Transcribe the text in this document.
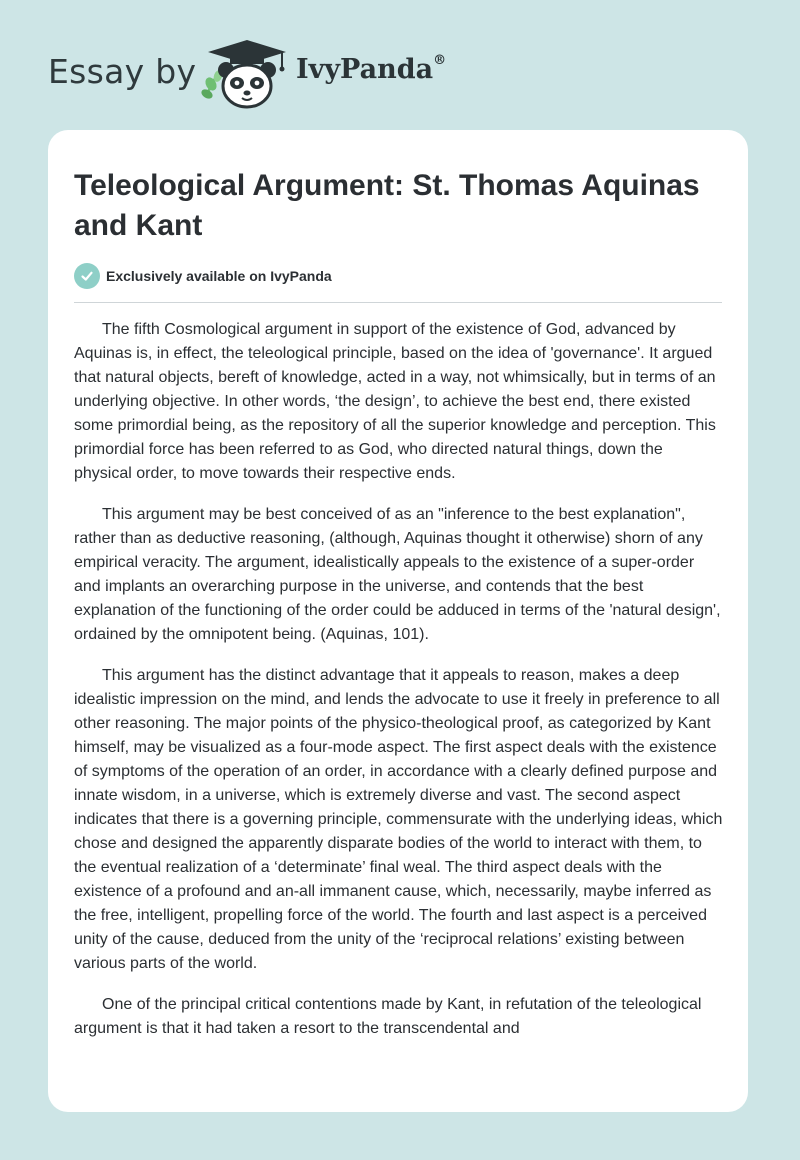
Essay by	IvyPanda®
Teleological Argument: St. Thomas Aquinas and Kant
Exclusively available on IvyPanda

The fifth Cosmological argument in support of the existence of God, advanced by Aquinas is, in effect, the teleological principle, based on the idea of 'governance'. It argued that natural objects, bereft of knowledge, acted in a way, not whimsically, but in terms of an underlying objective. In other words, ‘the design’, to achieve the best end, there existed some primordial being, as the repository of all the superior knowledge and perception. This primordial force has been referred to as God, who directed natural things, down the physical order, to move towards their respective ends.

This argument may be best conceived of as an "inference to the best explanation", rather than as deductive reasoning, (although, Aquinas thought it otherwise) shorn of any empirical veracity. The argument, idealistically appeals to the existence of a super-order and implants an overarching purpose in the universe, and contends that the best explanation of the functioning of the order could be adduced in terms of the 'natural design', ordained by the omnipotent being. (Aquinas, 101).

This argument has the distinct advantage that it appeals to reason, makes a deep idealistic impression on the mind, and lends the advocate to use it freely in preference to all other reasoning. The major points of the physico-theological proof, as categorized by Kant himself, may be visualized as a four-mode aspect. The first aspect deals with the existence of symptoms of the operation of an order, in accordance with a clearly defined purpose and innate wisdom, in a universe, which is extremely diverse and vast. The second aspect indicates that there is a governing principle, commensurate with the underlying ideas, which chose and designed the apparently disparate bodies of the world to interact with them, to the eventual realization of a ‘determinate’ final weal. The third aspect deals with the existence of a profound and an-all immanent cause, which, necessarily, maybe inferred as the free, intelligent, propelling force of the world. The fourth and last aspect is a perceived unity of the cause, deduced from the unity of the ‘reciprocal relations’ existing between various parts of the world.

One of the principal critical contentions made by Kant, in refutation of the teleological argument is that it had taken a resort to the transcendental and
